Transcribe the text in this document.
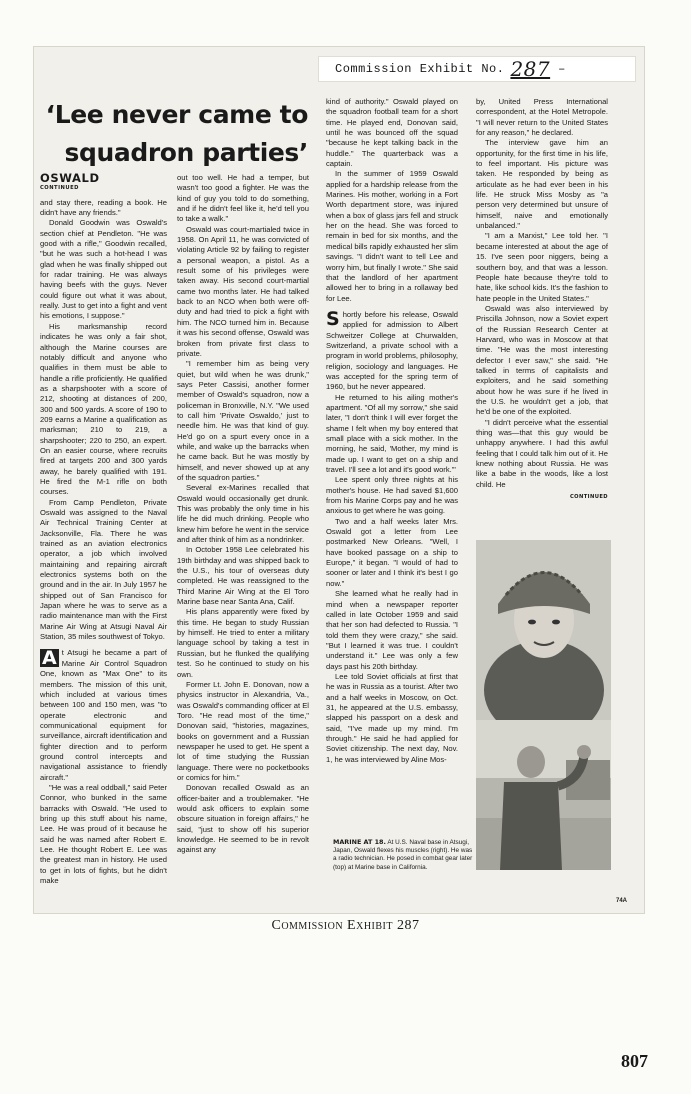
Commission Exhibit No. 287 –
‘Lee never came to
squadron parties’
OSWALD
CONTINUED

and stay there, reading a book. He didn't have any friends."

Donald Goodwin was Oswald's section chief at Pendleton. "He was good with a rifle," Goodwin recalled, "but he was such a hot-head I was glad when he was finally shipped out for radar training. He was always having beefs with the guys. Never could figure out what it was about, really. Just to get into a fight and vent his emotions, I suppose."

His marksmanship record indicates he was only a fair shot, although the Marine courses are notably difficult and anyone who qualifies in them must be able to handle a rifle proficiently. He qualified as a sharpshooter with a score of 212, shooting at distances of 200, 300 and 500 yards. A score of 190 to 209 earns a Marine a qualification as marksman; 210 to 219, a sharpshooter; 220 to 250, an expert. On an easier course, where recruits fired at targets 200 and 300 yards away, he barely qualified with 191. He fired the M-1 rifle on both courses.

From Camp Pendleton, Private Oswald was assigned to the Naval Air Technical Training Center at Jacksonville, Fla. There he was trained as an aviation electronics operator, a job which involved maintaining and repairing aircraft electronics systems both on the ground and in the air. In July 1957 he shipped out of San Francisco for Japan where he was to serve as a radio maintenance man with the First Marine Air Wing at Atsugi Naval Air Station, 35 miles southwest of Tokyo.

A t Atsugi he became a part of Marine Air Control Squadron One, known as "Max One" to its members. The mission of this unit, which included at various times between 100 and 150 men, was "to operate electronic and communicational equipment for surveillance, aircraft identification and fighter direction and to perform ground control intercepts and navigational assistance to friendly aircraft."

"He was a real oddball," said Peter Connor, who bunked in the same barracks with Oswald. "He used to bring up this stuff about his name, Lee. He was proud of it because he said he was named after Robert E. Lee. He thought Robert E. Lee was the greatest man in history. He used to get in lots of fights, but he didn't make

out too well. He had a temper, but wasn't too good a fighter. He was the kind of guy you told to do something, and if he didn't feel like it, he'd tell you to take a walk."

Oswald was court-martialed twice in 1958. On April 11, he was convicted of violating Article 92 by failing to register a personal weapon, a pistol. As a result some of his privileges were taken away. His second court-martial came two months later. He had talked back to an NCO when both were off-duty and had tried to pick a fight with him. The NCO turned him in. Because it was his second offense, Oswald was broken from private first class to private.

"I remember him as being very quiet, but wild when he was drunk," says Peter Cassisi, another former member of Oswald's squadron, now a policeman in Bronxville, N.Y. "We used to call him 'Private Oswaldo,' just to needle him. He was that kind of guy. He'd go on a spurt every once in a while, and wake up the barracks when he came back. But he was mostly by himself, and never showed up at any of the squadron parties."

Several ex-Marines recalled that Oswald would occasionally get drunk. This was probably the only time in his life he did much drinking. People who knew him before he went in the service and after think of him as a nondrinker.

In October 1958 Lee celebrated his 19th birthday and was shipped back to the U.S., his tour of overseas duty completed. He was reassigned to the Third Marine Air Wing at the El Toro Marine base near Santa Ana, Calif.

His plans apparently were fixed by this time. He began to study Russian by himself. He tried to enter a military language school by taking a test in Russian, but he flunked the qualifying test. So he continued to study on his own.

Former Lt. John E. Donovan, now a physics instructor in Alexandria, Va., was Oswald's commanding officer at El Toro. "He read most of the time," Donovan said, "histories, magazines, books on government and a Russian newspaper he used to get. He spent a lot of time studying the Russian language. There were no pocketbooks or comics for him."

Donovan recalled Oswald as an officer-baiter and a troublemaker. "He would ask officers to explain some obscure situation in foreign affairs," he said, "just to show off his superior knowledge. He seemed to be in revolt against any

kind of authority." Oswald played on the squadron football team for a short time. He played end, Donovan said, until he was bounced off the squad "because he kept talking back in the huddle." The quarterback was a captain.

In the summer of 1959 Oswald applied for a hardship release from the Marines. His mother, working in a Fort Worth department store, was injured when a box of glass jars fell and struck her on the head. She was forced to remain in bed for six months, and the medical bills rapidly exhausted her slim savings. "I didn't want to tell Lee and worry him, but finally I wrote." She said that the landlord of her apartment allowed her to bring in a rollaway bed for Lee.

Shortly before his release, Oswald applied for admission to Albert Schweitzer College at Churwalden, Switzerland, a private school with a program in world problems, philosophy, religion, sociology and languages. He was accepted for the spring term of 1960, but he never appeared.

He returned to his ailing mother's apartment. "Of all my sorrow," she said later, "I don't think I will ever forget the shame I felt when my boy entered that small place with a sick mother. In the morning, he said, 'Mother, my mind is made up. I want to get on a ship and travel. I'll see a lot and it's good work.'"

Lee spent only three nights at his mother's house. He had saved $1,600 from his Marine Corps pay and he was anxious to get where he was going.

Two and a half weeks later Mrs. Oswald got a letter from Lee postmarked New Orleans. "Well, I have booked passage on a ship to Europe," it began. "I would of had to sooner or later and I think it's best I go now."

She learned what he really had in mind when a newspaper reporter called in late October 1959 and said that her son had defected to Russia. "I told them they were crazy," she said. "But I learned it was true. I couldn't understand it." Lee was only a few days past his 20th birthday.

Lee told Soviet officials at first that he was in Russia as a tourist. After two and a half weeks in Moscow, on Oct. 31, he appeared at the U.S. embassy, slapped his passport on a desk and said, "I've made up my mind. I'm through." He said he had applied for Soviet citizenship. The next day, Nov. 1, he was interviewed by Aline Mos-

by, United Press International correspondent, at the Hotel Metropole. "I will never return to the United States for any reason," he declared.

The interview gave him an opportunity, for the first time in his life, to feel important. His picture was taken. He responded by being as articulate as he had ever been in his life. He struck Miss Mosby as "a person very determined but unsure of himself, naive and emotionally unbalanced."

"I am a Marxist," Lee told her. "I became interested at about the age of 15. I've seen poor niggers, being a southern boy, and that was a lesson. People hate because they're told to hate, like school kids. It's the fashion to hate people in the United States."

Oswald was also interviewed by Priscilla Johnson, now a Soviet expert of the Russian Research Center at Harvard, who was in Moscow at that time. "He was the most interesting defector I ever saw," she said. "He talked in terms of capitalists and exploiters, and he said something about how he was sure if he lived in the U.S. he wouldn't get a job, that he'd be one of the exploited.

"I didn't perceive what the essential thing was—that this guy would be unhappy anywhere. I had this awful feeling that I could talk him out of it. He knew nothing about Russia. He was like a babe in the woods, like a lost child. He

CONTINUED
MARINE AT 18. At U.S. Naval base in Atsugi, Japan, Oswald flexes his muscles (right). He was a radio technician. He posed in combat gear later (top) at Marine base in California.
74A
Commission Exhibit 287
807
